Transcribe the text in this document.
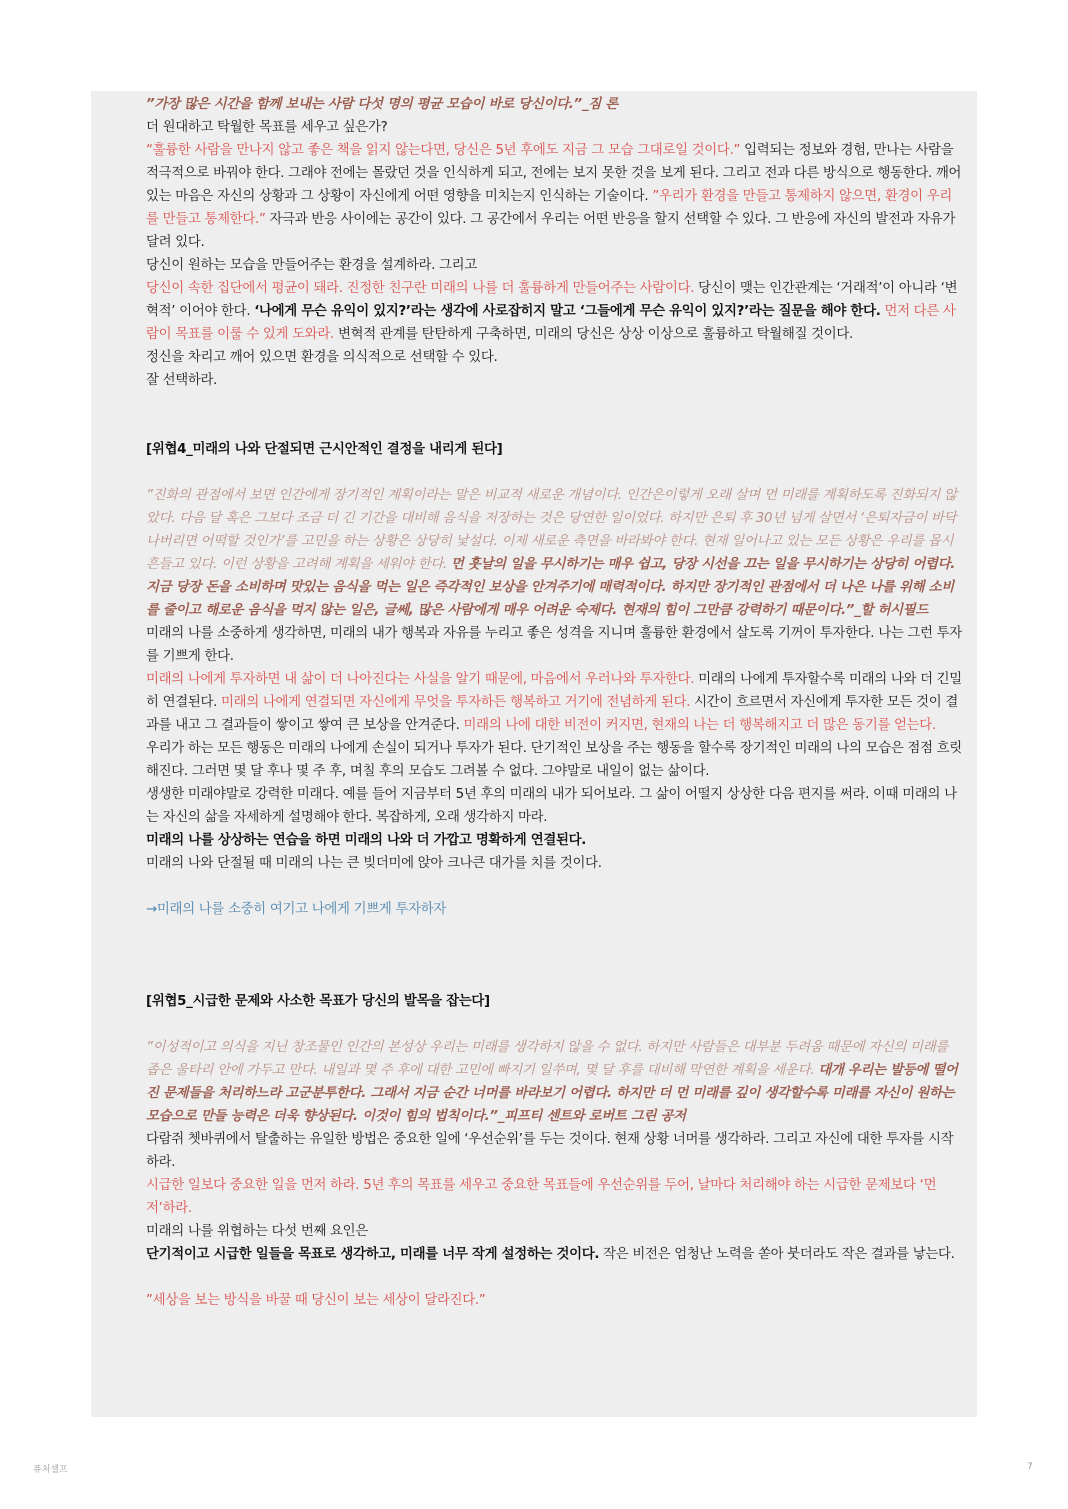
”가장 많은 시간을 함께 보내는 사람 다섯 명의 평균 모습이 바로 당신이다.”_짐 론

더 원대하고 탁월한 목표를 세우고 싶은가?

“훌륭한 사람을 만나지 않고 좋은 책을 읽지 않는다면, 당신은 5년 후에도 지금 그 모습 그대로일 것이다.” 입력되는 정보와 경험, 만나는 사람을 적극적으로 바꿔야 한다. 그래야 전에는 몰랐던 것을 인식하게 되고, 전에는 보지 못한 것을 보게 된다. 그리고 전과 다른 방식으로 행동한다. 깨어 있는 마음은 자신의 상황과 그 상황이 자신에게 어떤 영향을 미치는지 인식하는 기술이다. ”우리가 환경을 만들고 통제하지 않으면, 환경이 우리를 만들고 통제한다.” 자극과 반응 사이에는 공간이 있다. 그 공간에서 우리는 어떤 반응을 할지 선택할 수 있다. 그 반응에 자신의 발전과 자유가 달려 있다.

당신이 원하는 모습을 만들어주는 환경을 설계하라. 그리고

당신이 속한 집단에서 평균이 돼라. 진정한 친구란 미래의 나를 더 훌륭하게 만들어주는 사람이다. 당신이 맺는 인간관계는 ‘거래적’이 아니라 ‘변혁적’ 이어야 한다. ‘나에게 무슨 유익이 있지?’라는 생각에 사로잡히지 말고 ‘그들에게 무슨 유익이 있지?’라는 질문을 해야 한다. 먼저 다른 사람이 목표를 이룰 수 있게 도와라. 변혁적 관계를 탄탄하게 구축하면, 미래의 당신은 상상 이상으로 훌륭하고 탁월해질 것이다.

정신을 차리고 깨어 있으면 환경을 의식적으로 선택할 수 있다.

잘 선택하라.

[위협4_미래의 나와 단절되면 근시안적인 결정을 내리게 된다]

”진화의 관점에서 보면 인간에게 장기적인 계획이라는 말은 비교적 새로운 개념이다. 인간은이렇게 오래 살며 먼 미래를 계획하도록 진화되지 않았다. 다음 달 혹은 그보다 조금 더 긴 기간을 대비해 음식을 저장하는 것은 당연한 일이었다. 하지만 은퇴 후 30년 넘게 살면서 ‘은퇴자금이 바닥나버리면 어떡할 것인가’를 고민을 하는 상황은 상당히 낯설다. 이제 새로운 측면을 바라봐야 한다. 현재 일어나고 있는 모든 상황은 우리를 몹시 흔들고 있다. 이런 상황을 고려해 계획을 세워야 한다. 먼 훗날의 일을 무시하기는 매우 쉽고, 당장 시선을 끄는 일을 무시하기는 상당히 어렵다. 지금 당장 돈을 소비하며 맛있는 음식을 먹는 일은 즉각적인 보상을 안겨주기에 매력적이다. 하지만 장기적인 관점에서 더 나은 나를 위해 소비를 줄이고 해로운 음식을 먹지 않는 일은, 글쎄, 많은 사람에게 매우 어려운 숙제다. 현재의 힘이 그만큼 강력하기 때문이다.”_할 허시필드

미래의 나를 소중하게 생각하면, 미래의 내가 행복과 자유를 누리고 좋은 성격을 지니며 훌륭한 환경에서 살도록 기꺼이 투자한다. 나는 그런 투자를 기쁘게 한다.

미래의 나에게 투자하면 내 삶이 더 나아진다는 사실을 알기 때문에, 마음에서 우러나와 투자한다. 미래의 나에게 투자할수록 미래의 나와 더 긴밀히 연결된다. 미래의 나에게 연결되면 자신에게 무엇을 투자하든 행복하고 거기에 전념하게 된다. 시간이 흐르면서 자신에게 투자한 모든 것이 결과를 내고 그 결과들이 쌓이고 쌓여 큰 보상을 안겨준다. 미래의 나에 대한 비전이 커지면, 현재의 나는 더 행복해지고 더 많은 동기를 얻는다.

우리가 하는 모든 행동은 미래의 나에게 손실이 되거나 투자가 된다. 단기적인 보상을 주는 행동을 할수록 장기적인 미래의 나의 모습은 점점 흐릿해진다. 그러면 몇 달 후나 몇 주 후, 며칠 후의 모습도 그려볼 수 없다. 그야말로 내일이 없는 삶이다.

생생한 미래야말로 강력한 미래다. 예를 들어 지금부터 5년 후의 미래의 내가 되어보라. 그 삶이 어떨지 상상한 다음 편지를 써라. 이때 미래의 나는 자신의 삶을 자세하게 설명해야 한다. 복잡하게, 오래 생각하지 마라.

미래의 나를 상상하는 연습을 하면 미래의 나와 더 가깝고 명확하게 연결된다.

미래의 나와 단절될 때 미래의 나는 큰 빚더미에 앉아 크나큰 대가를 치를 것이다.

→미래의 나를 소중히 여기고 나에게 기쁘게 투자하자

[위협5_시급한 문제와 사소한 목표가 당신의 발목을 잡는다]

”이성적이고 의식을 지닌 창조물인 인간의 본성상 우리는 미래를 생각하지 않을 수 없다. 하지만 사람들은 대부분 두려움 때문에 자신의 미래를 좁은 울타리 안에 가두고 만다. 내일과 몇 주 후에 대한 고민에 빠지기 일쑤며, 몇 달 후를 대비해 막연한 계획을 세운다. 대개 우리는 발등에 떨어진 문제들을 처리하느라 고군분투한다. 그래서 지금 순간 너머를 바라보기 어렵다. 하지만 더 먼 미래를 깊이 생각할수록 미래를 자신이 원하는 모습으로 만들 능력은 더욱 향상된다. 이것이 힘의 법칙이다.”_피프티 센트와 로버트 그린 공저

다람쥐 쳇바퀴에서 탈출하는 유일한 방법은 중요한 일에 ‘우선순위’를 두는 것이다. 현재 상황 너머를 생각하라. 그리고 자신에 대한 투자를 시작하라.

시급한 일보다 중요한 일을 먼저 하라. 5년 후의 목표를 세우고 중요한 목표들에 우선순위를 두어, 날마다 처리해야 하는 시급한 문제보다 ‘먼저’하라.

미래의 나를 위협하는 다섯 번째 요인은

단기적이고 시급한 일들을 목표로 생각하고, 미래를 너무 작게 설정하는 것이다. 작은 비전은 엄청난 노력을 쏟아 붓더라도 작은 결과를 낳는다.

”세상을 보는 방식을 바꿀 때 당신이 보는 세상이 달라진다.”

퓨처셀프	7
